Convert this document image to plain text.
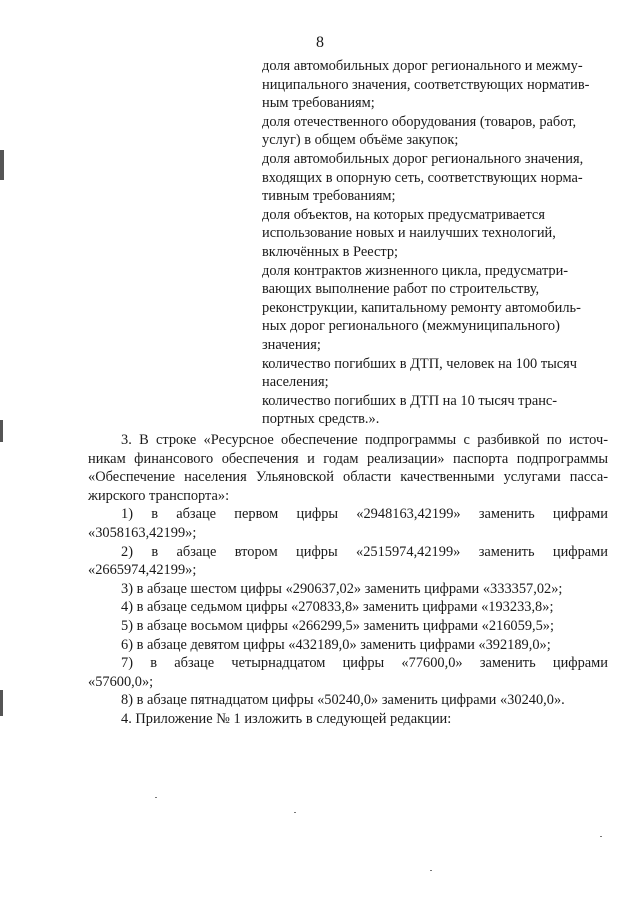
8
доля автомобильных дорог регионального и межму-
ниципального значения, соответствующих норматив-
ным требованиям;
доля отечественного оборудования (товаров, работ,
услуг) в общем объёме закупок;
доля автомобильных дорог регионального значения,
входящих в опорную сеть, соответствующих норма-
тивным требованиям;
доля объектов, на которых предусматривается
использование новых и наилучших технологий,
включённых в Реестр;
доля контрактов жизненного цикла, предусматри-
вающих выполнение работ по строительству,
реконструкции, капитальному ремонту автомобиль-
ных дорог регионального (межмуниципального)
значения;
количество погибших в ДТП, человек на 100 тысяч
населения;
количество погибших в ДТП на 10 тысяч транс-
портных средств.».
3. В строке «Ресурсное обеспечение подпрограммы с разбивкой по источ-
никам финансового обеспечения и годам реализации» паспорта подпрограммы
«Обеспечение населения Ульяновской области качественными услугами пасса-
жирского транспорта»:
1) в абзаце первом цифры «2948163,42199» заменить цифрами
«3058163,42199»;
2) в абзаце втором цифры «2515974,42199» заменить цифрами
«2665974,42199»;
3) в абзаце шестом цифры «290637,02» заменить цифрами «333357,02»;
4) в абзаце седьмом цифры «270833,8» заменить цифрами «193233,8»;
5) в абзаце восьмом цифры «266299,5» заменить цифрами «216059,5»;
6) в абзаце девятом цифры «432189,0» заменить цифрами «392189,0»;
7) в абзаце четырнадцатом цифры «77600,0» заменить цифрами
«57600,0»;
8) в абзаце пятнадцатом цифры «50240,0» заменить цифрами «30240,0».
4. Приложение № 1 изложить в следующей редакции:
